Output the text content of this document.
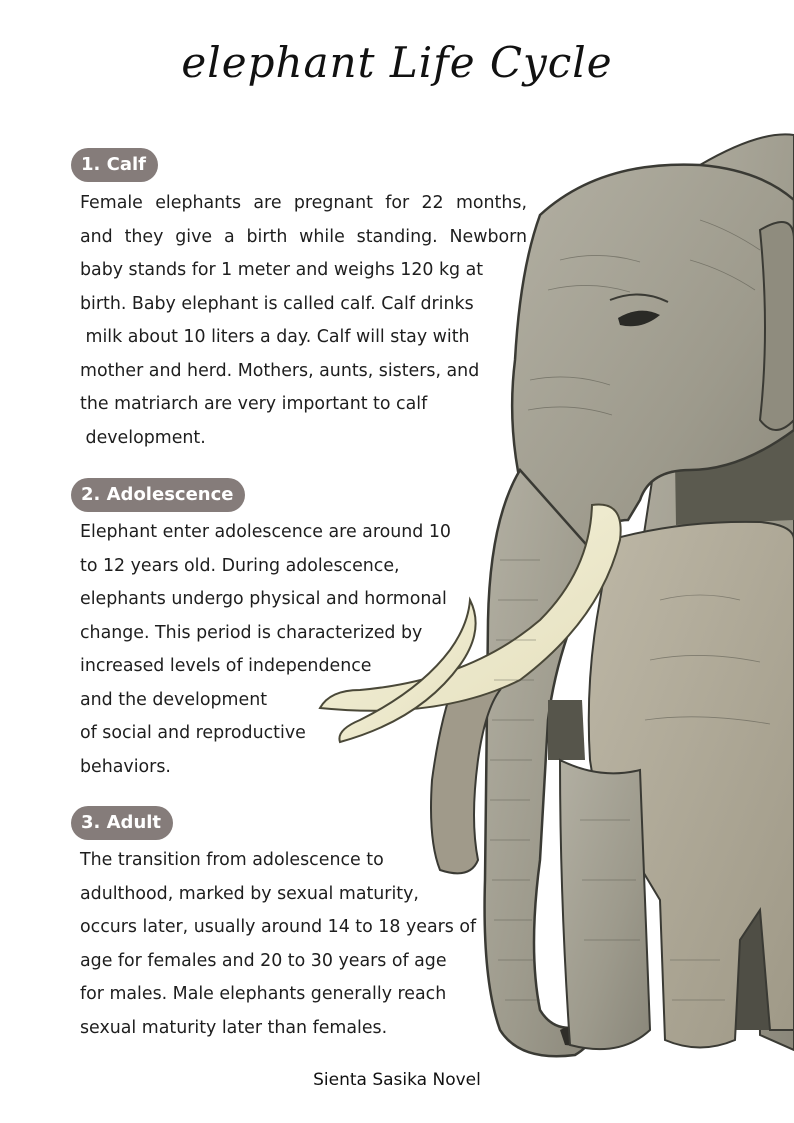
elephant Life Cycle
1. Calf
Female elephants are pregnant for 22 months,
and they give a birth while standing. Newborn
baby stands for 1 meter and weighs 120 kg at
birth. Baby elephant is called calf. Calf drinks
milk about 10 liters a day. Calf will stay with
mother and herd. Mothers, aunts, sisters, and
the matriarch are very important to calf
development.
2. Adolescence
Elephant enter adolescence are around 10
to 12 years old. During adolescence,
elephants undergo physical and hormonal
change. This period is characterized by
increased levels of independence
and the development
of social and reproductive
behaviors.
3. Adult
The transition from adolescence to
adulthood, marked by sexual maturity,
occurs later, usually around 14 to 18 years of
age for females and 20 to 30 years of age
for males. Male elephants generally reach
sexual maturity later than females.
Sienta Sasika Novel
